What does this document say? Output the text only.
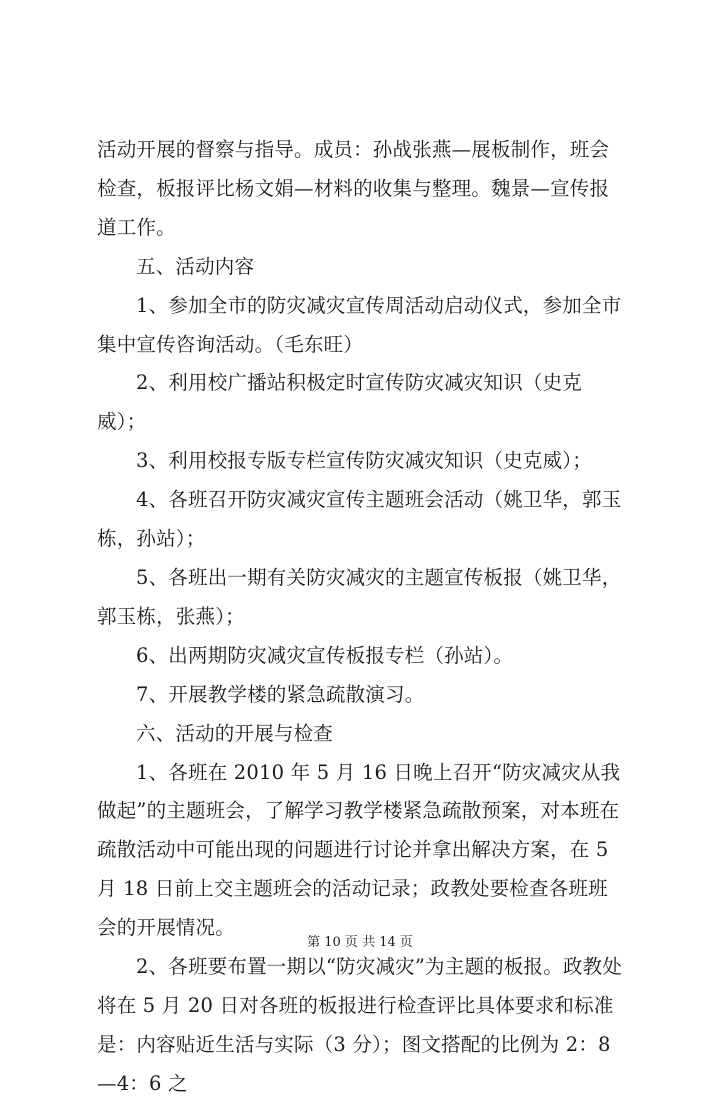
活动开展的督察与指导。成员：孙战张燕—展板制作，班会检查，板报评比杨文娟—材料的收集与整理。魏景—宣传报道工作。

五、活动内容

1、参加全市的防灾减灾宣传周活动启动仪式，参加全市集中宣传咨询活动。（毛东旺）

2、利用校广播站积极定时宣传防灾减灾知识（史克威）；

3、利用校报专版专栏宣传防灾减灾知识（史克威）；

4、各班召开防灾减灾宣传主题班会活动（姚卫华，郭玉栋，孙站）；

5、各班出一期有关防灾减灾的主题宣传板报（姚卫华，郭玉栋，张燕）；

6、出两期防灾减灾宣传板报专栏（孙站）。

7、开展教学楼的紧急疏散演习。

六、活动的开展与检查

1、各班在 2010 年 5 月 16 日晚上召开“防灾减灾从我做起”的主题班会，了解学习教学楼紧急疏散预案，对本班在疏散活动中可能出现的问题进行讨论并拿出解决方案，在 5 月 18 日前上交主题班会的活动记录；政教处要检查各班班会的开展情况。

2、各班要布置一期以“防灾减灾”为主题的板报。政教处将在 5 月 20 日对各班的板报进行检查评比具体要求和标准是：内容贴近生活与实际（3 分）；图文搭配的比例为 2：8—4：6 之

第 10 页 共 14 页
